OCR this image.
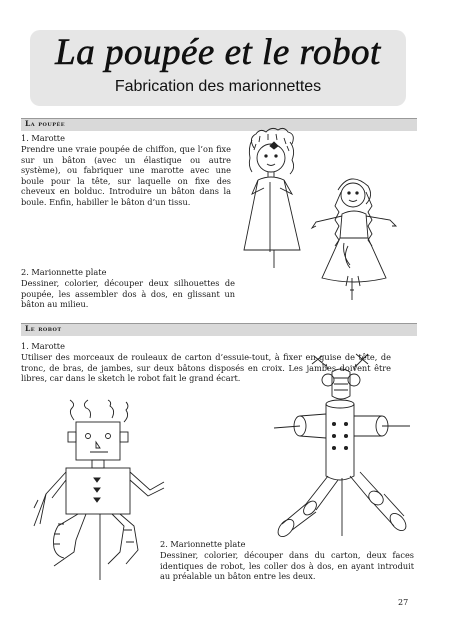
La poupée et le robot
Fabrication des marionnettes
La poupée
1. Marotte
Prendre une vraie poupée de chiffon, que l’on fixe sur un bâton (avec un élastique ou autre système), ou fabriquer une marotte avec une boule pour la tête, sur laquelle on fixe des cheveux en bolduc. Introduire un bâton dans la boule. Enfin, habiller le bâton d’un tissu.
2. Marionnette plate
Dessiner, colorier, découper deux silhouettes de poupée, les assembler dos à dos, en glissant un bâton au milieu.
Le robot
1. Marotte
Utiliser des morceaux de rouleaux de carton d’essuie-tout, à fixer en guise de tête, de tronc, de bras, de jambes, sur deux bâtons disposés en croix. Les jambes doivent être libres, car dans le sketch le robot fait le grand écart.
2. Marionnette plate
Dessiner, colorier, découper dans du carton, deux faces identiques de robot, les coller dos à dos, en ayant introduit au préalable un bâton entre les deux.
27
